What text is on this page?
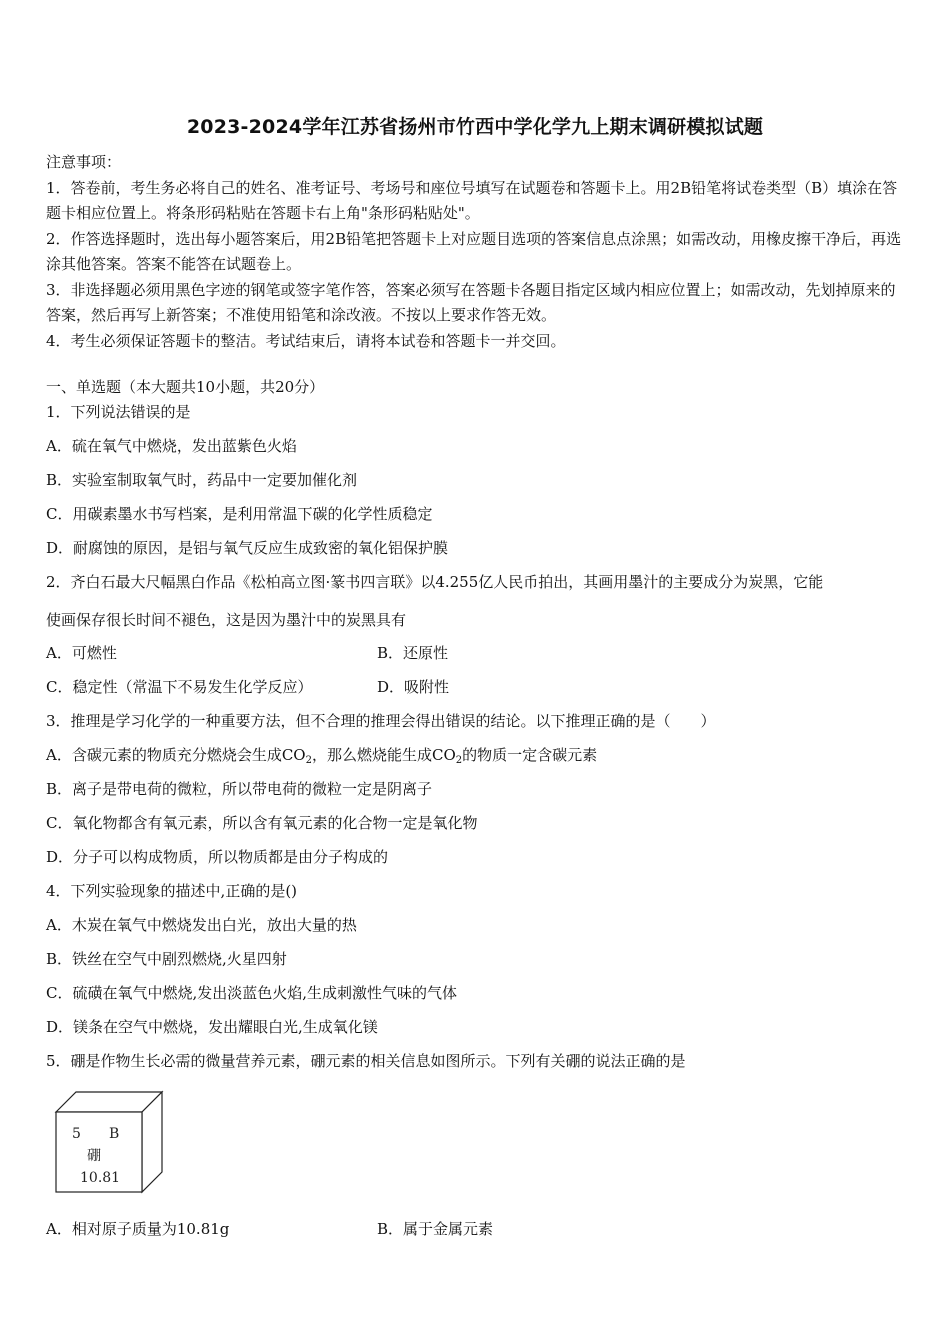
2023-2024学年江苏省扬州市竹西中学化学九上期末调研模拟试题

注意事项：

1．答卷前，考生务必将自己的姓名、准考证号、考场号和座位号填写在试题卷和答题卡上。用2B铅笔将试卷类型（B）填涂在答题卡相应位置上。将条形码粘贴在答题卡右上角"条形码粘贴处"。

2．作答选择题时，选出每小题答案后，用2B铅笔把答题卡上对应题目选项的答案信息点涂黑；如需改动，用橡皮擦干净后，再选涂其他答案。答案不能答在试题卷上。

3．非选择题必须用黑色字迹的钢笔或签字笔作答，答案必须写在答题卡各题目指定区域内相应位置上；如需改动，先划掉原来的答案，然后再写上新答案；不准使用铅笔和涂改液。不按以上要求作答无效。

4．考生必须保证答题卡的整洁。考试结束后，请将本试卷和答题卡一并交回。

一、单选题（本大题共10小题，共20分）
1．下列说法错误的是
A．硫在氧气中燃烧，发出蓝紫色火焰
B．实验室制取氧气时，药品中一定要加催化剂
C．用碳素墨水书写档案，是利用常温下碳的化学性质稳定
D．耐腐蚀的原因，是铝与氧气反应生成致密的氧化铝保护膜
2．齐白石最大尺幅黑白作品《松柏高立图·篆书四言联》以4.255亿人民币拍出，其画用墨汁的主要成分为炭黑，它能
使画保存很长时间不褪色，这是因为墨汁中的炭黑具有
A．可燃性	B．还原性
C．稳定性（常温下不易发生化学反应）	D．吸附性
3．推理是学习化学的一种重要方法，但不合理的推理会得出错误的结论。以下推理正确的是（　　）
A．含碳元素的物质充分燃烧会生成$CO_2$，那么燃烧能生成$CO_2$的物质一定含碳元素
B．离子是带电荷的微粒，所以带电荷的微粒一定是阴离子
C．氧化物都含有氧元素，所以含有氧元素的化合物一定是氧化物
D．分子可以构成物质，所以物质都是由分子构成的
4．下列实验现象的描述中,正确的是()
A．木炭在氧气中燃烧发出白光，放出大量的热
B．铁丝在空气中剧烈燃烧,火星四射
C．硫磺在氧气中燃烧,发出淡蓝色火焰,生成刺激性气味的气体
D．镁条在空气中燃烧，发出耀眼白光,生成氧化镁
5．硼是作物生长必需的微量营养元素，硼元素的相关信息如图所示。下列有关硼的说法正确的是
5 B
硼
10.81
A．相对原子质量为10.81g	B．属于金属元素
